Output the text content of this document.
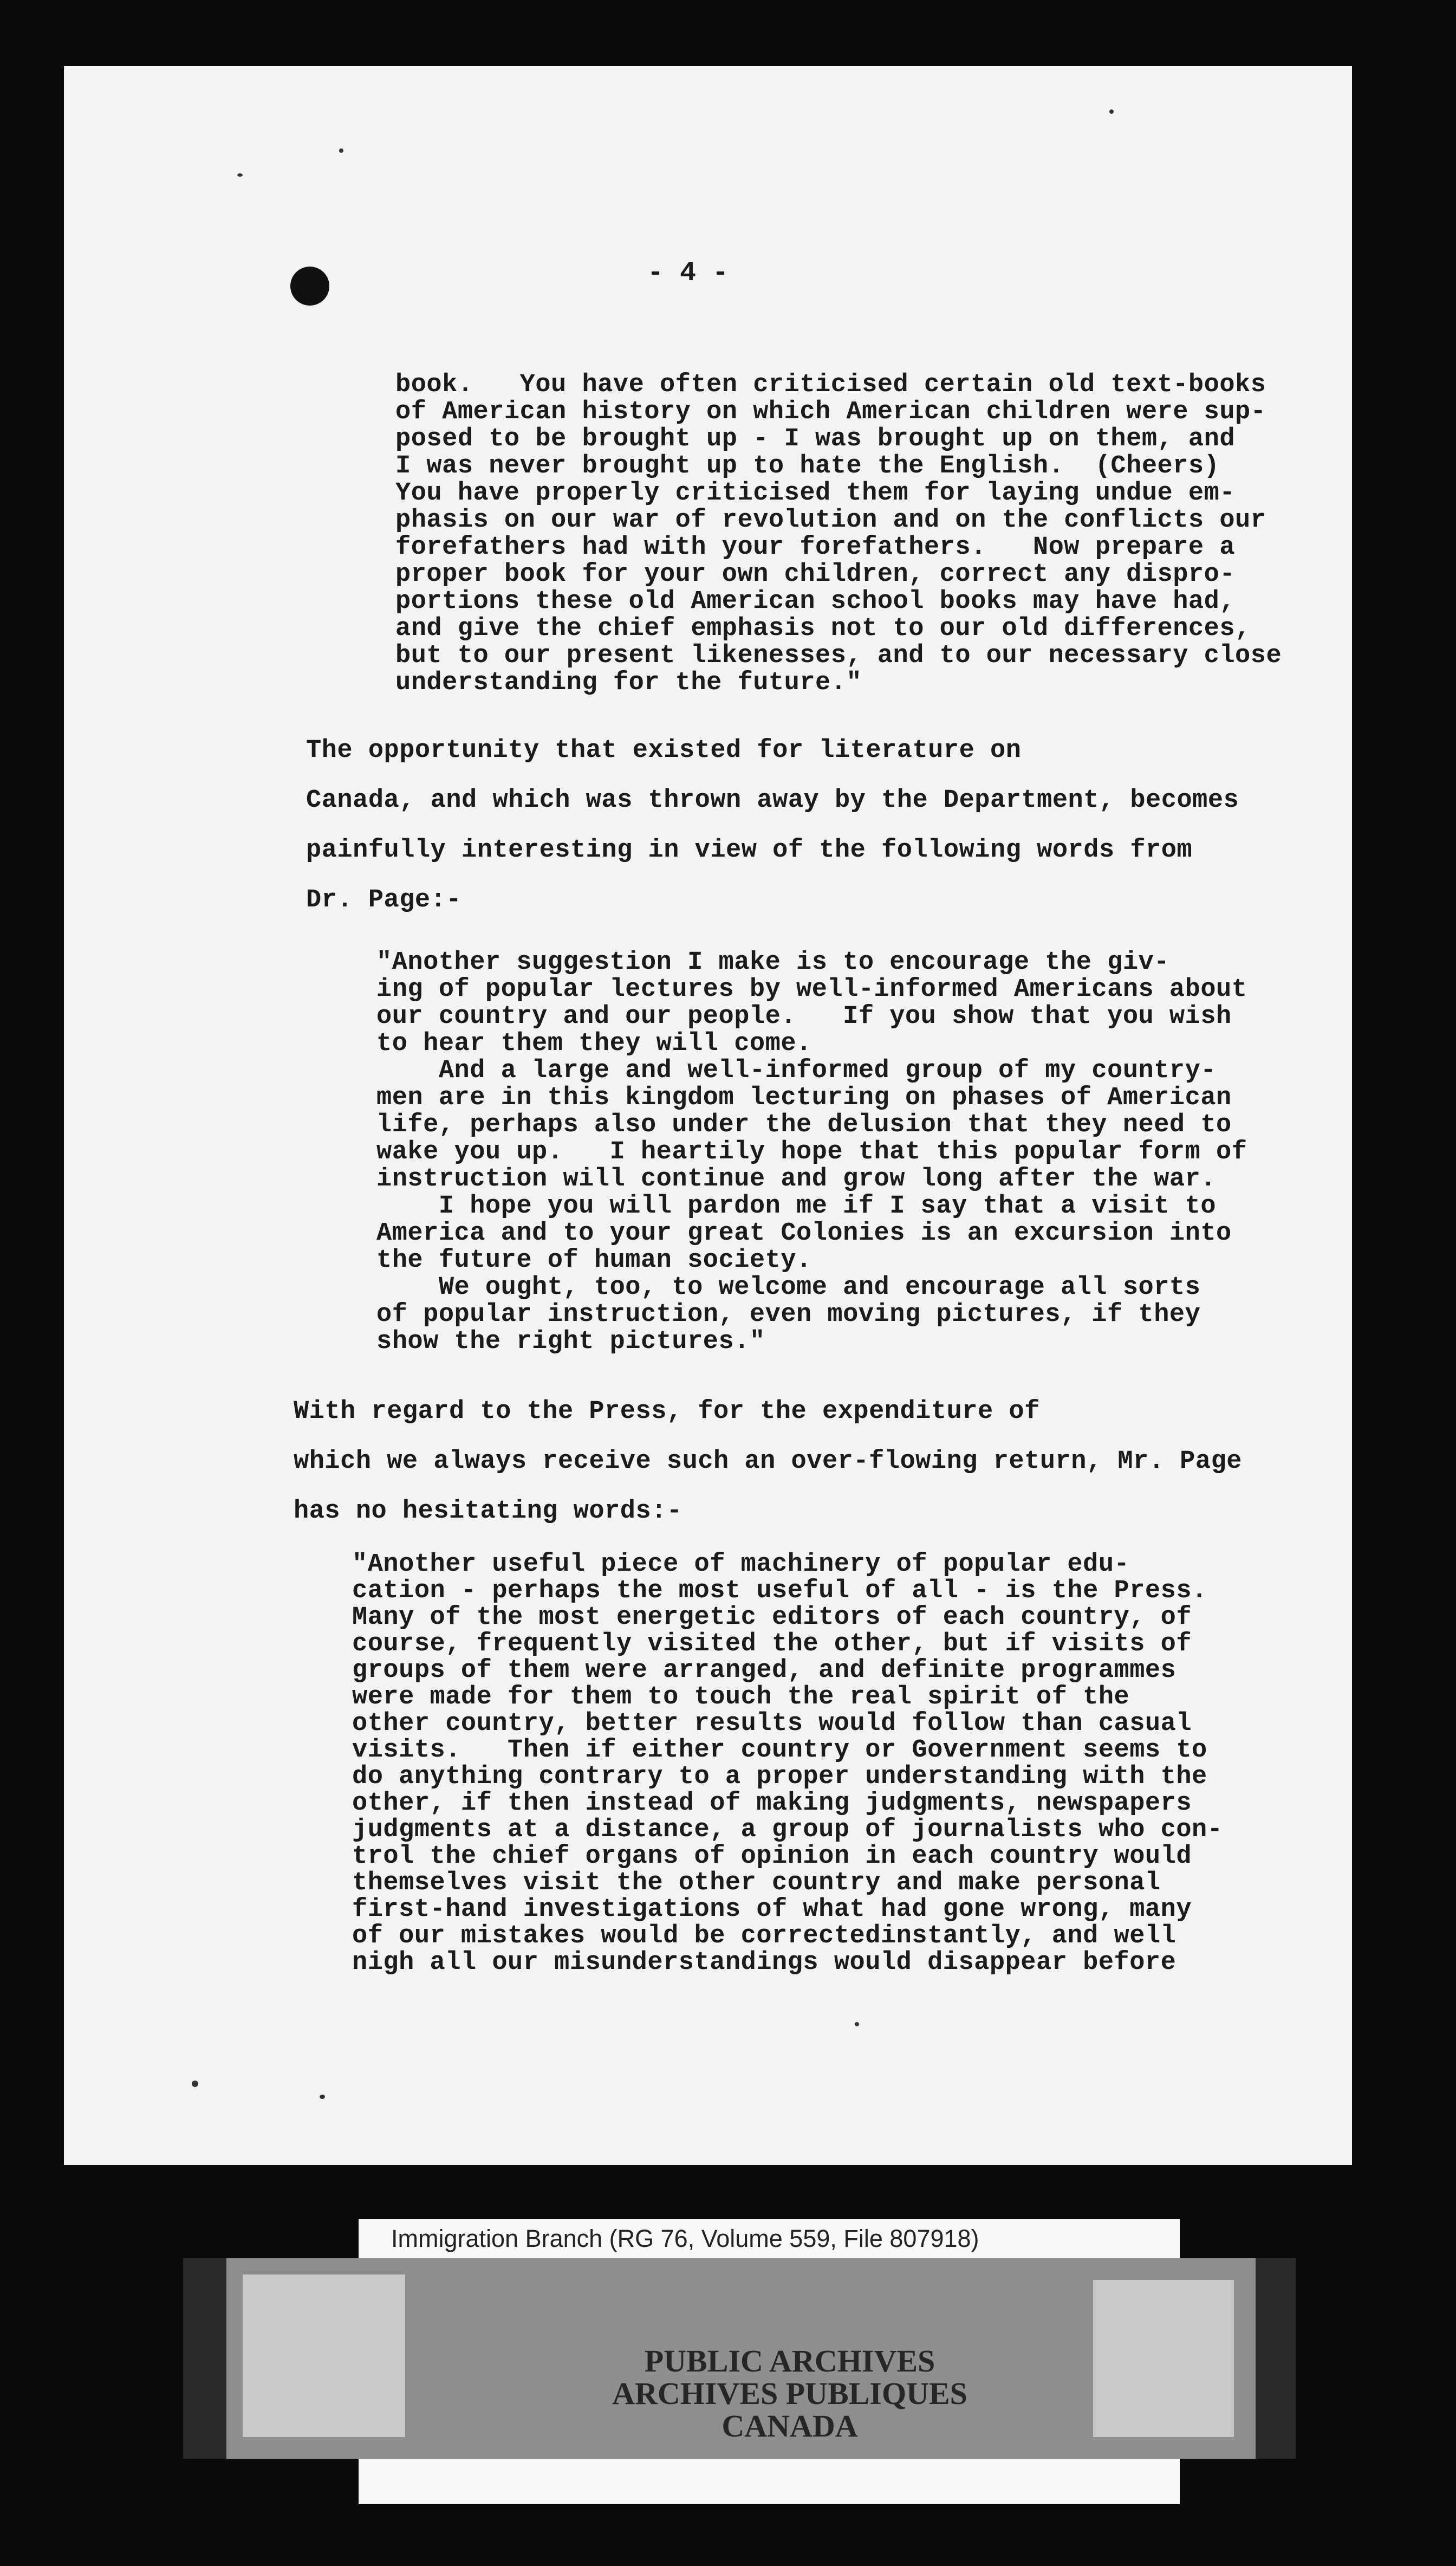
- 4 -
book.   You have often criticised certain old text-books
of American history on which American children were sup-
posed to be brought up - I was brought up on them, and
I was never brought up to hate the English.  (Cheers)
You have properly criticised them for laying undue em-
phasis on our war of revolution and on the conflicts our
forefathers had with your forefathers.   Now prepare a
proper book for your own children, correct any dispro-
portions these old American school books may have had,
and give the chief emphasis not to our old differences,
but to our present likenesses, and to our necessary close
understanding for the future."
The opportunity that existed for literature on
Canada, and which was thrown away by the Department, becomes
painfully interesting in view of the following words from
Dr. Page:-
"Another suggestion I make is to encourage the giv-
ing of popular lectures by well-informed Americans about
our country and our people.   If you show that you wish
to hear them they will come.
And a large and well-informed group of my country-
men are in this kingdom lecturing on phases of American
life, perhaps also under the delusion that they need to
wake you up.   I heartily hope that this popular form of
instruction will continue and grow long after the war.
I hope you will pardon me if I say that a visit to
America and to your great Colonies is an excursion into
the future of human society.
We ought, too, to welcome and encourage all sorts
of popular instruction, even moving pictures, if they
show the right pictures."
With regard to the Press, for the expenditure of
which we always receive such an over-flowing return, Mr. Page
has no hesitating words:-
"Another useful piece of machinery of popular edu-
cation - perhaps the most useful of all - is the Press.
Many of the most energetic editors of each country, of
course, frequently visited the other, but if visits of
groups of them were arranged, and definite programmes
were made for them to touch the real spirit of the
other country, better results would follow than casual
visits.   Then if either country or Government seems to
do anything contrary to a proper understanding with the
other, if then instead of making judgments, newspapers
judgments at a distance, a group of journalists who con-
trol the chief organs of opinion in each country would
themselves visit the other country and make personal
first-hand investigations of what had gone wrong, many
of our mistakes would be correctedinstantly, and well
nigh all our misunderstandings would disappear before
PUBLIC ARCHIVES
ARCHIVES PUBLIQUES
CANADA
Immigration Branch (RG 76, Volume 559, File 807918)
